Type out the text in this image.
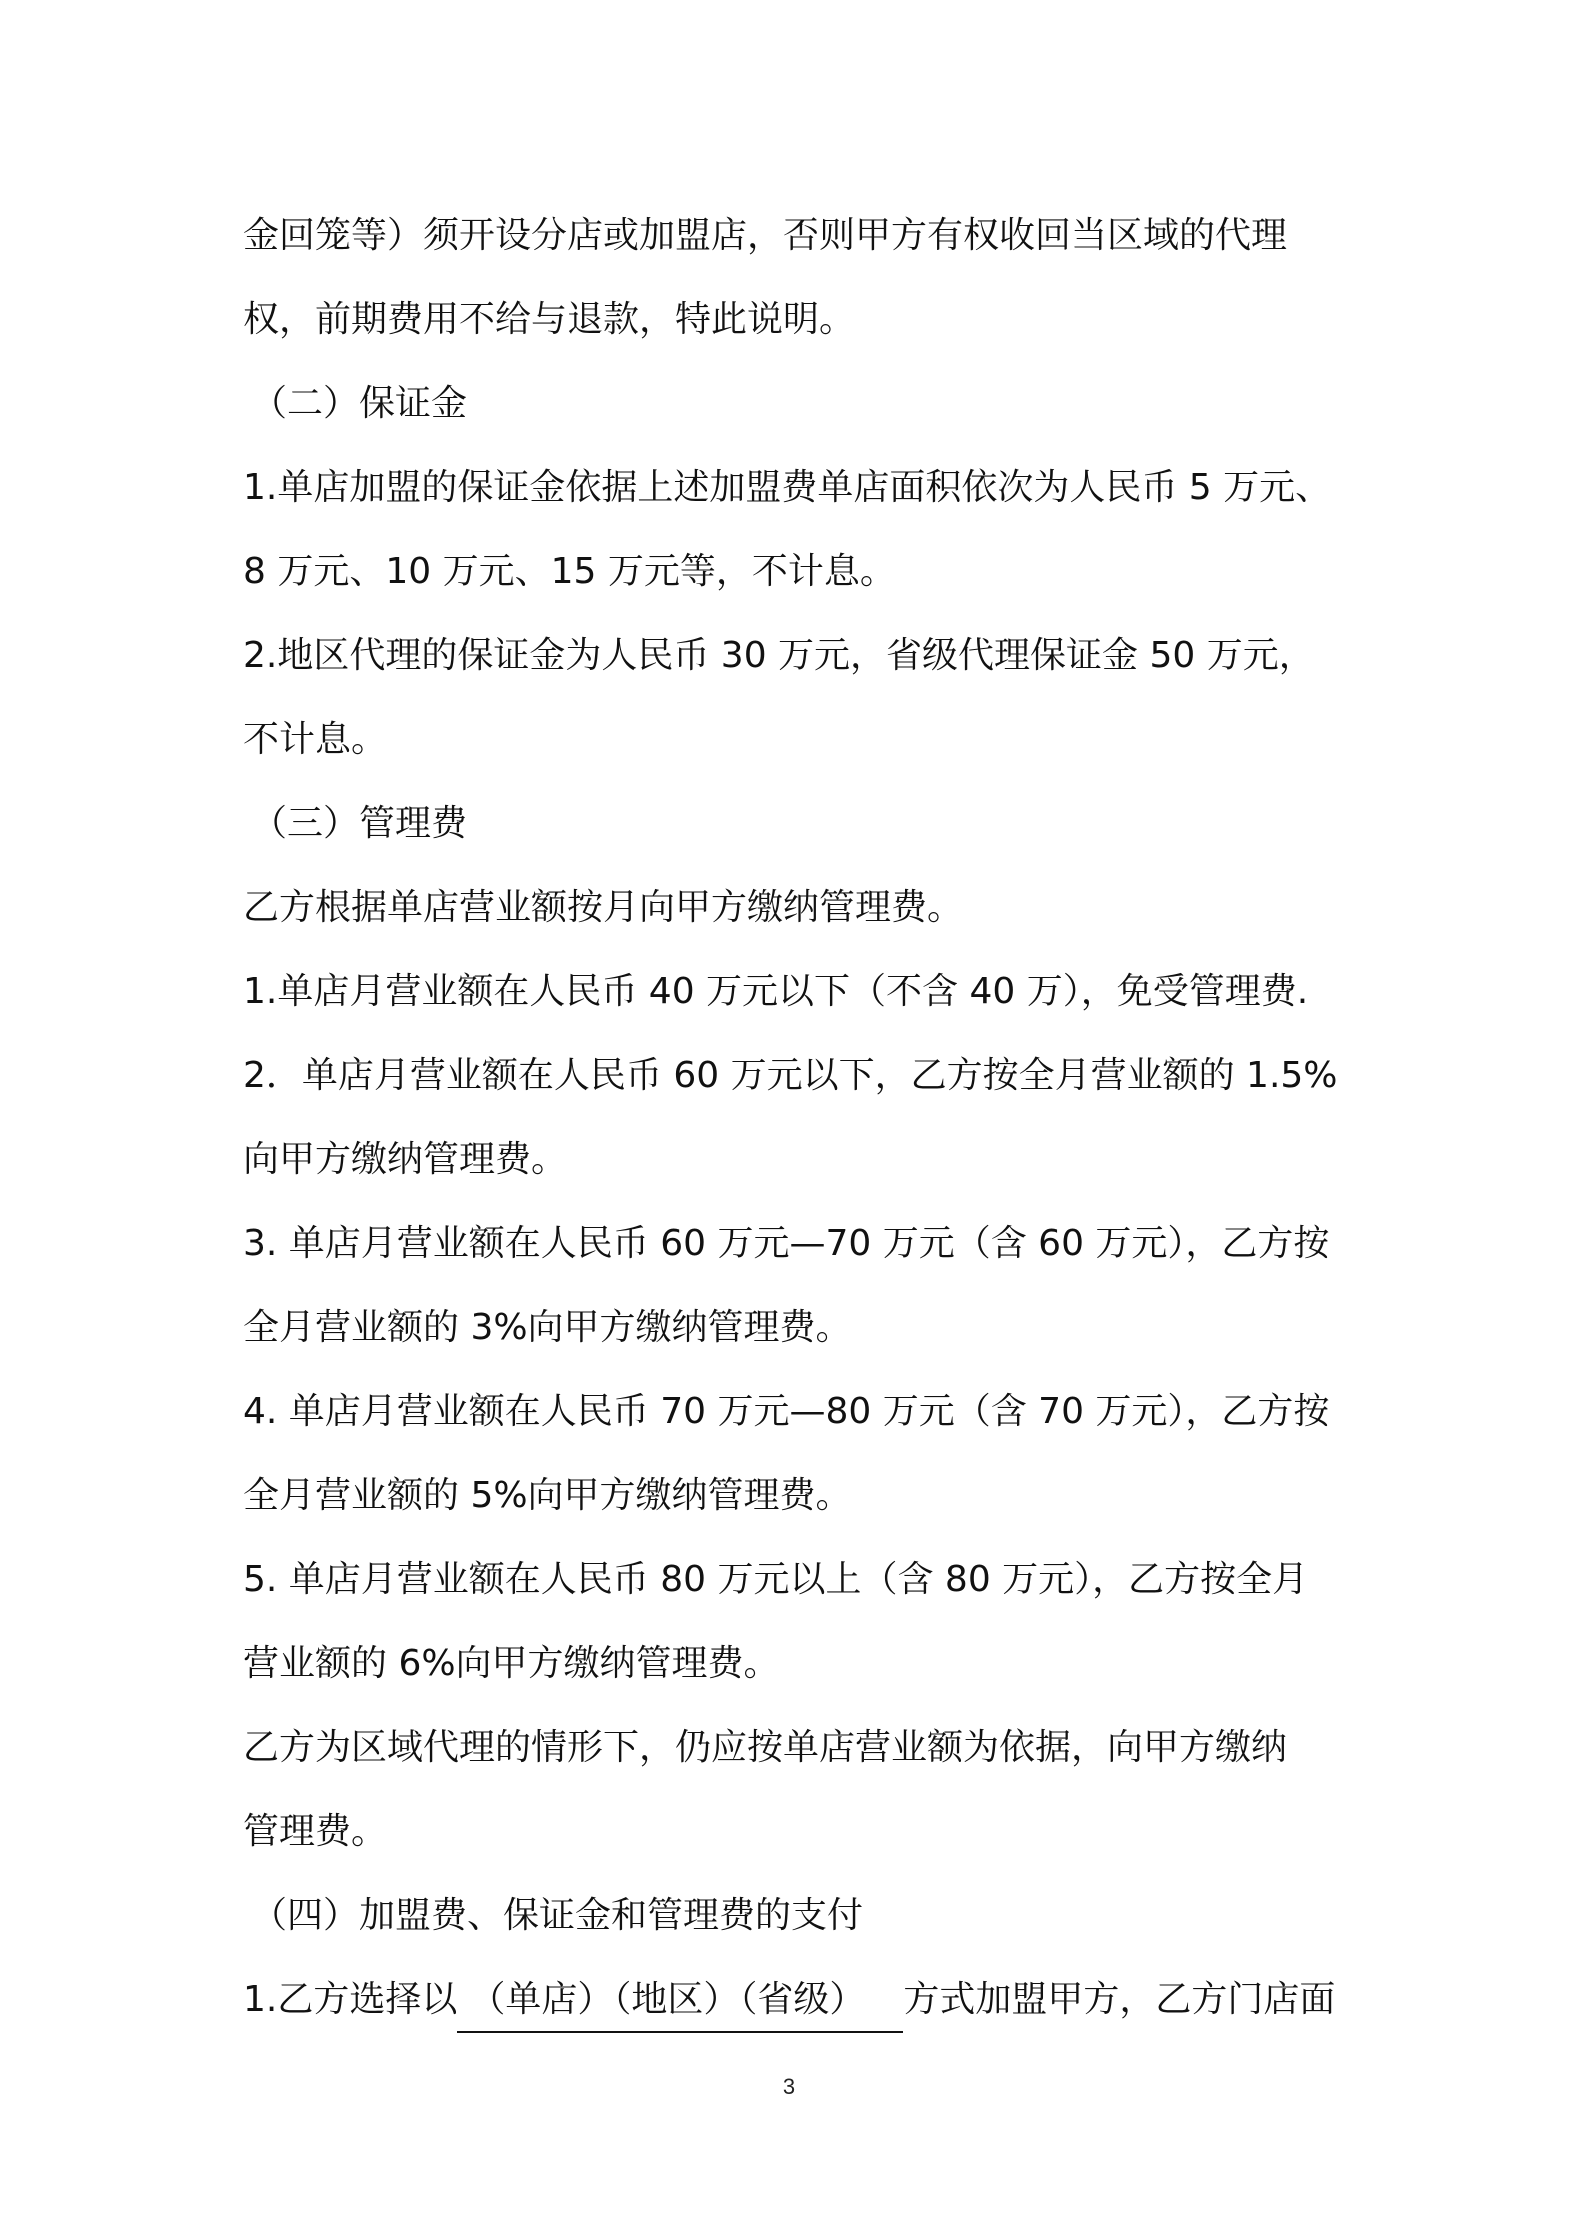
金回笼等）须开设分店或加盟店，否则甲方有权收回当区域的代理

权，前期费用不给与退款，特此说明。

（二）保证金

1.单店加盟的保证金依据上述加盟费单店面积依次为人民币 5 万元、

8 万元、10 万元、15 万元等，不计息。

2.地区代理的保证金为人民币 30 万元，省级代理保证金 50 万元，

不计息。

（三）管理费

乙方根据单店营业额按月向甲方缴纳管理费。

1.单店月营业额在人民币 40 万元以下（不含 40 万），免受管理费.

2．单店月营业额在人民币 60 万元以下，乙方按全月营业额的 1.5%

向甲方缴纳管理费。

3. 单店月营业额在人民币 60 万元—70 万元（含 60 万元），乙方按

全月营业额的 3%向甲方缴纳管理费。

4. 单店月营业额在人民币 70 万元—80 万元（含 70 万元），乙方按

全月营业额的 5%向甲方缴纳管理费。

5. 单店月营业额在人民币 80 万元以上（含 80 万元），乙方按全月

营业额的 6%向甲方缴纳管理费。

乙方为区域代理的情形下，仍应按单店营业额为依据，向甲方缴纳

管理费。

（四）加盟费、保证金和管理费的支付

1.乙方选择以 （单店）（地区）（省级） 方式加盟甲方，乙方门店面

3
